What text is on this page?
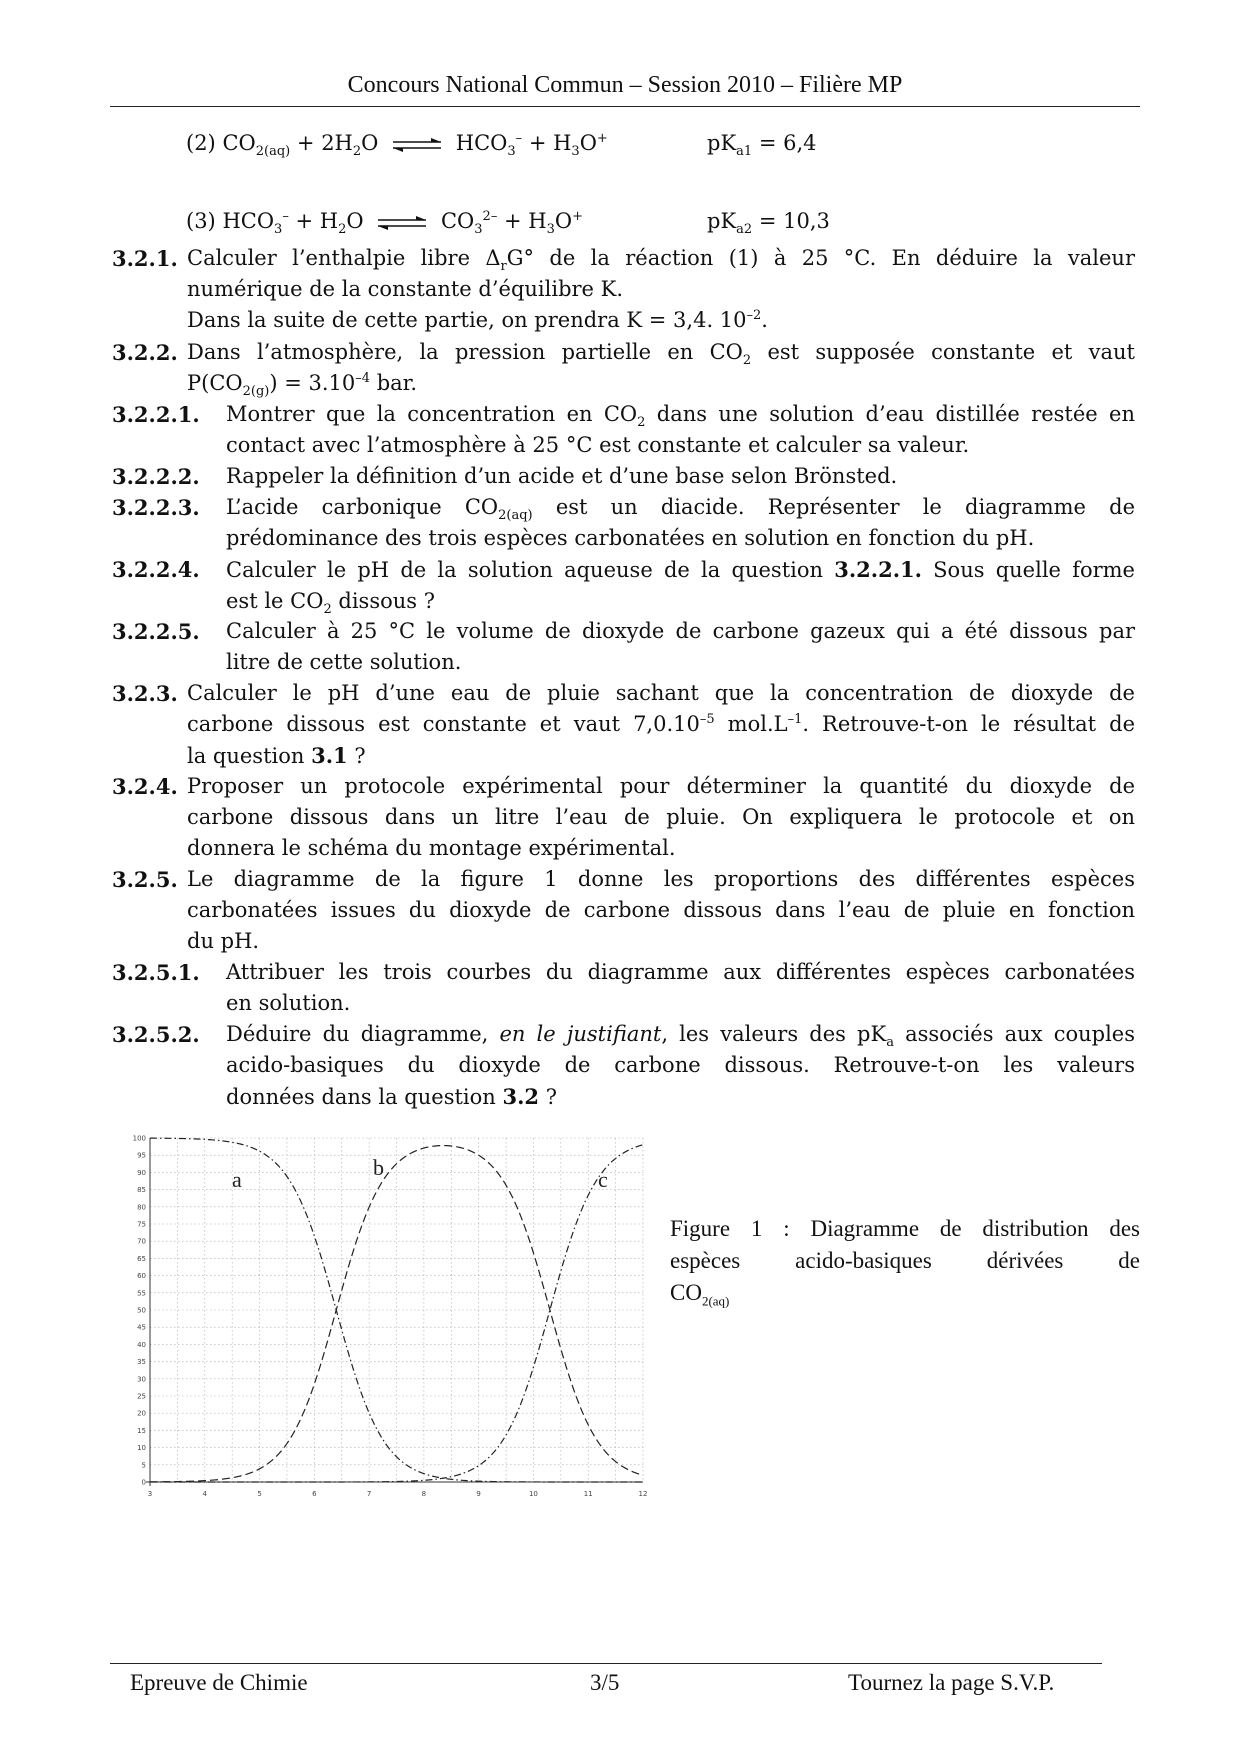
Concours National Commun – Session 2010 – Filière MP
(2) $CO_{2(aq)} + 2H_2O$ ⇌ $HCO_3^- + H_3O^+$	$pK_{a1} = 6,4$
(3) $HCO_3^- + H_2O$ ⇌ $CO_3^{2-} + H_3O^+$	$pK_{a2} = 10,3$
3.2.1. Calculer l’enthalpie libre $\Delta_rG^\circ$ de la réaction (1) à 25 °C. En déduire la valeur
numérique de la constante d’équilibre K.
Dans la suite de cette partie, on prendra K = 3,4. $10^{-2}$.
3.2.2. Dans l’atmosphère, la pression partielle en $CO_2$ est supposée constante et vaut
$P(CO_{2(g)}) = 3.10^{-4}$ bar.
3.2.2.1. Montrer que la concentration en $CO_2$ dans une solution d’eau distillée restée en
contact avec l’atmosphère à 25 °C est constante et calculer sa valeur.
3.2.2.2. Rappeler la définition d’un acide et d’une base selon Brönsted.
3.2.2.3. L’acide carbonique $CO_{2(aq)}$ est un diacide. Représenter le diagramme de
prédominance des trois espèces carbonatées en solution en fonction du pH.
3.2.2.4. Calculer le pH de la solution aqueuse de la question 3.2.2.1. Sous quelle forme
est le $CO_2$ dissous ?
3.2.2.5. Calculer à 25 °C le volume de dioxyde de carbone gazeux qui a été dissous par
litre de cette solution.
3.2.3. Calculer le pH d’une eau de pluie sachant que la concentration de dioxyde de
carbone dissous est constante et vaut $7,0.10^{-5}$ $mol.L^{-1}$. Retrouve-t-on le résultat de
la question 3.1 ?
3.2.4. Proposer un protocole expérimental pour déterminer la quantité du dioxyde de
carbone dissous dans un litre l’eau de pluie. On expliquera le protocole et on
donnera le schéma du montage expérimental.
3.2.5. Le diagramme de la figure 1 donne les proportions des différentes espèces
carbonatées issues du dioxyde de carbone dissous dans l’eau de pluie en fonction
du pH.
3.2.5.1. Attribuer les trois courbes du diagramme aux différentes espèces carbonatées
en solution.
3.2.5.2. Déduire du diagramme, en le justifiant, les valeurs des $pK_a$ associés aux couples
acido-basiques du dioxyde de carbone dissous. Retrouve-t-on les valeurs
données dans la question 3.2 ?
0
5
10
15
20
25
30
35
40
45
50
55
60
65
70
75
80
85
90
95
100
3	4	5	6	7	8	9	10	11	12
a	b	c
Figure 1 : Diagramme de distribution des
espèces acido-basiques dérivées de
$CO_{2(aq)}$
Epreuve de Chimie	3/5	Tournez la page S.V.P.
